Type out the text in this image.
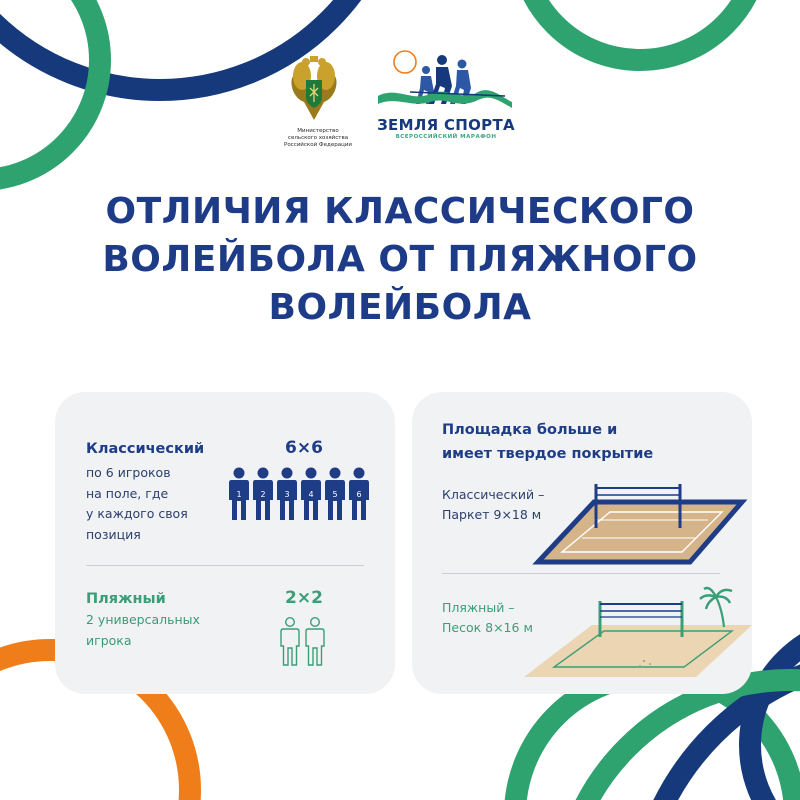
Министерство
сельского хозяйства
Российской Федерации
ЗЕМЛЯ СПОРТА
ВСЕРОССИЙСКИЙ МАРАФОН
ОТЛИЧИЯ КЛАССИЧЕСКОГО
ВОЛЕЙБОЛА ОТ ПЛЯЖНОГО
ВОЛЕЙБОЛА
Классический
по 6 игроков
на поле, где
у каждого своя
позиция
6×6
1 2 3 4 5 6
Пляжный
2 универсальных
игрока
2×2
Площадка больше и
имеет твердое покрытие
Классический –
Паркет 9×18 м
Пляжный –
Песок 8×16 м
